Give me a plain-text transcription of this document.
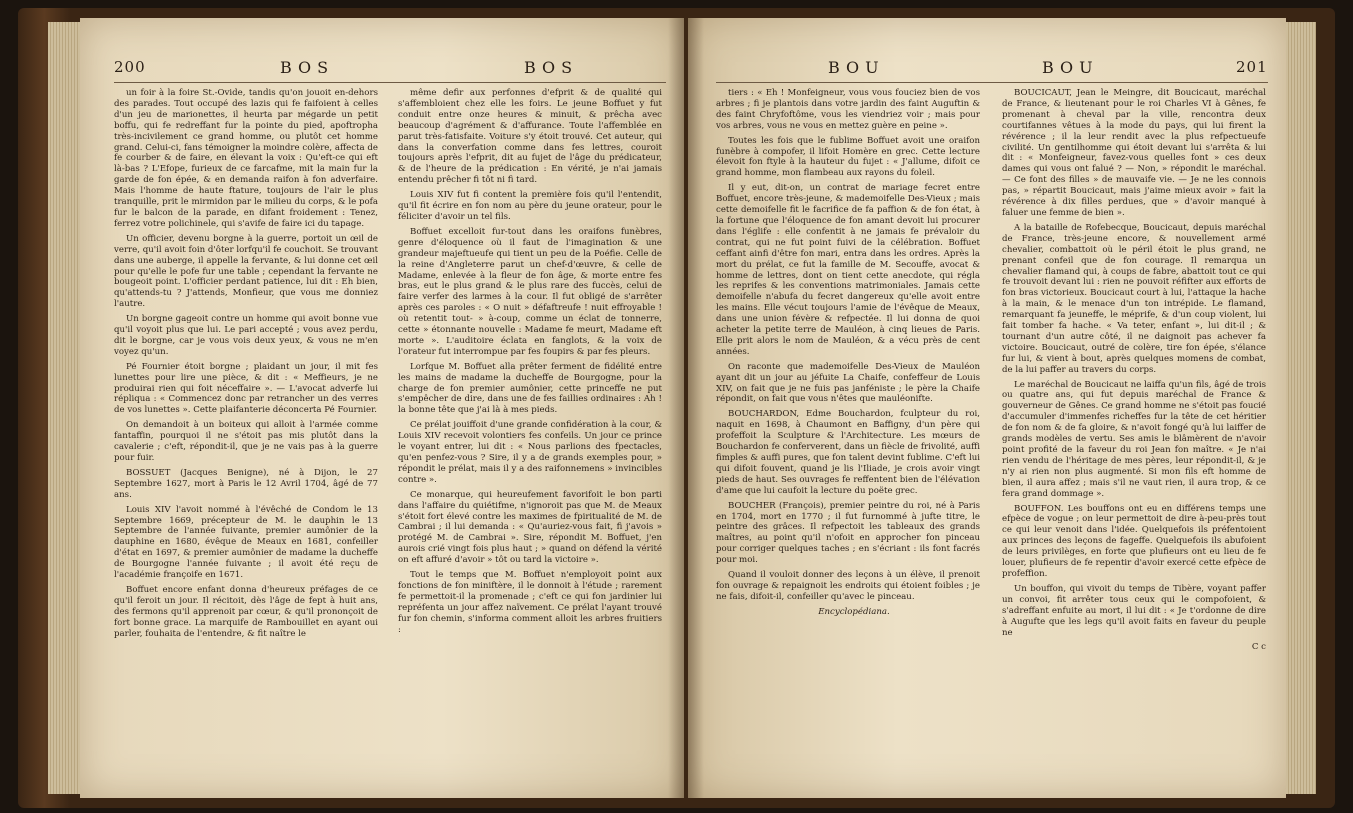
200	BOS	BOS

un foir à la foire St.-Ovide, tandis qu'on jouoit en-dehors des parades. Tout occupé des lazis qui fe faifoient à celles d'un jeu de marionettes, il heurta par mégarde un petit boffu, qui fe redreffant fur la pointe du pied, apoftropha très-incivilement ce grand homme, ou plutôt cet homme grand. Celui-ci, fans témoigner la moindre colère, affecta de fe courber & de faire, en élevant la voix : Qu'eft-ce qui eft là-bas ? L'Efope, furieux de ce farcafme, mit la main fur la garde de fon épée, & en demanda raifon à fon adverfaire. Mais l'homme de haute ftature, toujours de l'air le plus tranquille, prit le mirmidon par le milieu du corps, & le pofa fur le balcon de la parade, en difant froidement : Tenez, ferrez votre polichinele, qui s'avife de faire ici du tapage.

Un officier, devenu borgne à la guerre, portoit un œil de verre, qu'il avoit foin d'ôter lorfqu'il fe couchoit. Se trouvant dans une auberge, il appelle la fervante, & lui donne cet œil pour qu'elle le pofe fur une table ; cependant la fervante ne bougeoit point. L'officier perdant patience, lui dit : Eh bien, qu'attends-tu ? J'attends, Monfieur, que vous me donniez l'autre.

Un borgne gageoit contre un homme qui avoit bonne vue qu'il voyoit plus que lui. Le pari accepté ; vous avez perdu, dit le borgne, car je vous vois deux yeux, & vous ne m'en voyez qu'un.

Pé Fournier étoit borgne ; plaidant un jour, il mit fes lunettes pour lire une pièce, & dit : « Meffieurs, je ne produirai rien qui foit néceffaire ». — L'avocat adverfe lui répliqua : « Commencez donc par retrancher un des verres de vos lunettes ». Cette plaifanterie déconcerta Pé Fournier.

On demandoit à un boiteux qui alloit à l'armée comme fantaffin, pourquoi il ne s'étoit pas mis plutôt dans la cavalerie ; c'eft, répondit-il, que je ne vais pas à la guerre pour fuir.

BOSSUET (Jacques Benigne), né à Dijon, le 27 Septembre 1627, mort à Paris le 12 Avril 1704, âgé de 77 ans.

Louis XIV l'avoit nommé à l'évêché de Condom le 13 Septembre 1669, précepteur de M. le dauphin le 13 Septembre de l'année fuivante, premier aumônier de la dauphine en 1680, évêque de Meaux en 1681, confeiller d'état en 1697, & premier aumônier de madame la ducheffe de Bourgogne l'année fuivante ; il avoit été reçu de l'académie françoife en 1671.

Boffuet encore enfant donna d'heureux préfages de ce qu'il feroit un jour. Il récitoit, dès l'âge de fept à huit ans, des fermons qu'il apprenoit par cœur, & qu'il prononçoit de fort bonne grace. La marquife de Rambouillet en ayant oui parler, fouhaita de l'entendre, & fit naître le

même defir aux perfonnes d'efprit & de qualité qui s'affembloient chez elle les foirs. Le jeune Boffuet y fut conduit entre onze heures & minuit, & prêcha avec beaucoup d'agrément & d'affurance. Toute l'affemblée en parut très-fatisfaite. Voiture s'y étoit trouvé. Cet auteur, qui dans la converfation comme dans fes lettres, couroit toujours après l'efprit, dit au fujet de l'âge du prédicateur, & de l'heure de la prédication : En vérité, je n'ai jamais entendu prêcher fi tôt ni fi tard.

Louis XIV fut fi content la première fois qu'il l'entendit, qu'il fit écrire en fon nom au père du jeune orateur, pour le féliciter d'avoir un tel fils.

Boffuet excelloit fur-tout dans les oraifons funèbres, genre d'éloquence où il faut de l'imagination & une grandeur majeftueufe qui tient un peu de la Poéfie. Celle de la reine d'Angleterre parut un chef-d'œuvre, & celle de Madame, enlevée à la fleur de fon âge, & morte entre fes bras, eut le plus grand & le plus rare des fuccès, celui de faire verfer des larmes à la cour. Il fut obligé de s'arrêter après ces paroles : « O nuit » défaftreufe ! nuit effroyable ! où retentit tout- » à-coup, comme un éclat de tonnerre, cette » étonnante nouvelle : Madame fe meurt, Madame eft morte ». L'auditoire éclata en fanglots, & la voix de l'orateur fut interrompue par fes foupirs & par fes pleurs.

Lorfque M. Boffuet alla prêter ferment de fidélité entre les mains de madame la ducheffe de Bourgogne, pour la charge de fon premier aumônier, cette princeffe ne put s'empêcher de dire, dans une de fes faillies ordinaires : Ah ! la bonne tête que j'ai là à mes pieds.

Ce prélat jouiffoit d'une grande confidération à la cour, & Louis XIV recevoit volontiers fes confeils. Un jour ce prince le voyant entrer, lui dit : « Nous parlions des fpectacles, qu'en penfez-vous ? Sire, il y a de grands exemples pour, » répondit le prélat, mais il y a des raifonnemens » invincibles contre ».

Ce monarque, qui heureufement favorifoit le bon parti dans l'affaire du quiétifme, n'ignoroit pas que M. de Meaux s'étoit fort élevé contre les maximes de fpiritualité de M. de Cambrai ; il lui demanda : « Qu'auriez-vous fait, fi j'avois » protégé M. de Cambrai ». Sire, répondit M. Boffuet, j'en aurois crié vingt fois plus haut ; » quand on défend la vérité on eft affuré d'avoir » tôt ou tard la victoire ».

Tout le temps que M. Boffuet n'employoit point aux fonctions de fon miniftère, il le donnoit à l'étude ; rarement fe permettoit-il la promenade ; c'eft ce qui fon jardinier lui repréfenta un jour affez naïvement. Ce prélat l'ayant trouvé fur fon chemin, s'informa comment alloit les arbres fruitiers :

BOU	BOU	201

tiers : « Eh ! Monfeigneur, vous vous fouciez bien de vos arbres ; fi je plantois dans votre jardin des faint Auguftin & des faint Chryfoftôme, vous les viendriez voir ; mais pour vos arbres, vous ne vous en mettez guère en peine ».

Toutes les fois que le fublime Boffuet avoit une oraifon funèbre à compofer, il lifoit Homère en grec. Cette lecture élevoit fon ftyle à la hauteur du fujet : « J'allume, difoit ce grand homme, mon flambeau aux rayons du foleil.

Il y eut, dit-on, un contrat de mariage fecret entre Boffuet, encore très-jeune, & mademoifelle Des-Vieux ; mais cette demoifelle fit le facrifice de fa paffion & de fon état, à la fortune que l'éloquence de fon amant devoit lui procurer dans l'églife : elle confentit à ne jamais fe prévaloir du contrat, qui ne fut point fuivi de la célébration. Boffuet ceffant ainfi d'être fon mari, entra dans les ordres. Après la mort du prélat, ce fut la famille de M. Secouffe, avocat & homme de lettres, dont on tient cette anecdote, qui régla les reprifes & les conventions matrimoniales. Jamais cette demoifelle n'abufa du fecret dangereux qu'elle avoit entre les mains. Elle vécut toujours l'amie de l'évêque de Meaux, dans une union févère & refpectée. Il lui donna de quoi acheter la petite terre de Mauléon, à cinq lieues de Paris. Elle prit alors le nom de Mauléon, & a vécu près de cent années.

On raconte que mademoifelle Des-Vieux de Mauléon ayant dit un jour au jéfuite La Chaife, confeffeur de Louis XIV, on fait que je ne fuis pas janféniste ; le père la Chaife répondit, on fait que vous n'êtes que mauléonifte.

BOUCHARDON, Edme Bouchardon, fculpteur du roi, naquit en 1698, à Chaumont en Baffigny, d'un père qui profeffoit la Sculpture & l'Architecture. Les mœurs de Bouchardon fe conferverent, dans un fiècle de frivolité, auffi fimples & auffi pures, que fon talent devint fublime. C'eft lui qui difoit fouvent, quand je lis l'Iliade, je crois avoir vingt pieds de haut. Ses ouvrages fe reffentent bien de l'élévation d'ame que lui caufoit la lecture du poëte grec.

BOUCHER (François), premier peintre du roi, né à Paris en 1704, mort en 1770 ; il fut furnommé à jufte titre, le peintre des grâces. Il refpectoit les tableaux des grands maîtres, au point qu'il n'ofoit en approcher fon pinceau pour corriger quelques taches ; en s'écriant : ils font facrés pour moi.

Quand il vouloit donner des leçons à un élève, il prenoit fon ouvrage & repaignoit les endroits qui étoient foibles ; je ne fais, difoit-il, confeiller qu'avec le pinceau.

Encyclopédiana.

BOUCICAUT, Jean le Meingre, dit Boucicaut, maréchal de France, & lieutenant pour le roi Charles VI à Gênes, fe promenant à cheval par la ville, rencontra deux courtifannes vêtues à la mode du pays, qui lui firent la révérence ; il la leur rendit avec la plus refpectueufe civilité. Un gentilhomme qui étoit devant lui s'arrêta & lui dit : « Monfeigneur, favez-vous quelles font » ces deux dames qui vous ont falué ? — Non, » répondit le maréchal. — Ce font des filles » de mauvaife vie. — Je ne les connois pas, » répartit Boucicaut, mais j'aime mieux avoir » fait la révérence à dix filles perdues, que » d'avoir manqué à faluer une femme de bien ».

A la bataille de Rofebecque, Boucicaut, depuis maréchal de France, très-jeune encore, & nouvellement armé chevalier, combattoit où le péril étoit le plus grand, ne prenant confeil que de fon courage. Il remarqua un chevalier flamand qui, à coups de fabre, abattoit tout ce qui fe trouvoit devant lui : rien ne pouvoit réfifter aux efforts de fon bras victorieux. Boucicaut court à lui, l'attaque la hache à la main, & le menace d'un ton intrépide. Le flamand, remarquant fa jeuneffe, le méprife, & d'un coup violent, lui fait tomber fa hache. « Va teter, enfant », lui dit-il ; & tournant d'un autre côté, il ne daignoit pas achever fa victoire. Boucicaut, outré de colère, tire fon épée, s'élance fur lui, & vient à bout, après quelques momens de combat, de la lui paffer au travers du corps.

Le maréchal de Boucicaut ne laiffa qu'un fils, âgé de trois ou quatre ans, qui fut depuis maréchal de France & gouverneur de Gênes. Ce grand homme ne s'étoit pas foucié d'accumuler d'immenfes richeffes fur la tête de cet héritier de fon nom & de fa gloire, & n'avoit fongé qu'à lui laiffer de grands modèles de vertu. Ses amis le blâmèrent de n'avoir point profité de la faveur du roi Jean fon maître. « Je n'ai rien vendu de l'héritage de mes pères, leur répondit-il, & je n'y ai rien non plus augmenté. Si mon fils eft homme de bien, il aura affez ; mais s'il ne vaut rien, il aura trop, & ce fera grand dommage ».

BOUFFON. Les bouffons ont eu en différens temps une efpèce de vogue ; on leur permettoit de dire à-peu-près tout ce qui leur venoit dans l'idée. Quelquefois ils préfentoient aux princes des leçons de fageffe. Quelquefois ils abufoient de leurs privilèges, en forte que plufieurs ont eu lieu de fe louer, plufieurs de fe repentir d'avoir exercé cette efpèce de profeffion.

Un bouffon, qui vivoit du temps de Tibère, voyant paffer un convoi, fit arrêter tous ceux qui le compofoient, & s'adreffant enfuite au mort, il lui dit : « Je t'ordonne de dire à Augufte que les legs qu'il avoit faits en faveur du peuple ne

C c
